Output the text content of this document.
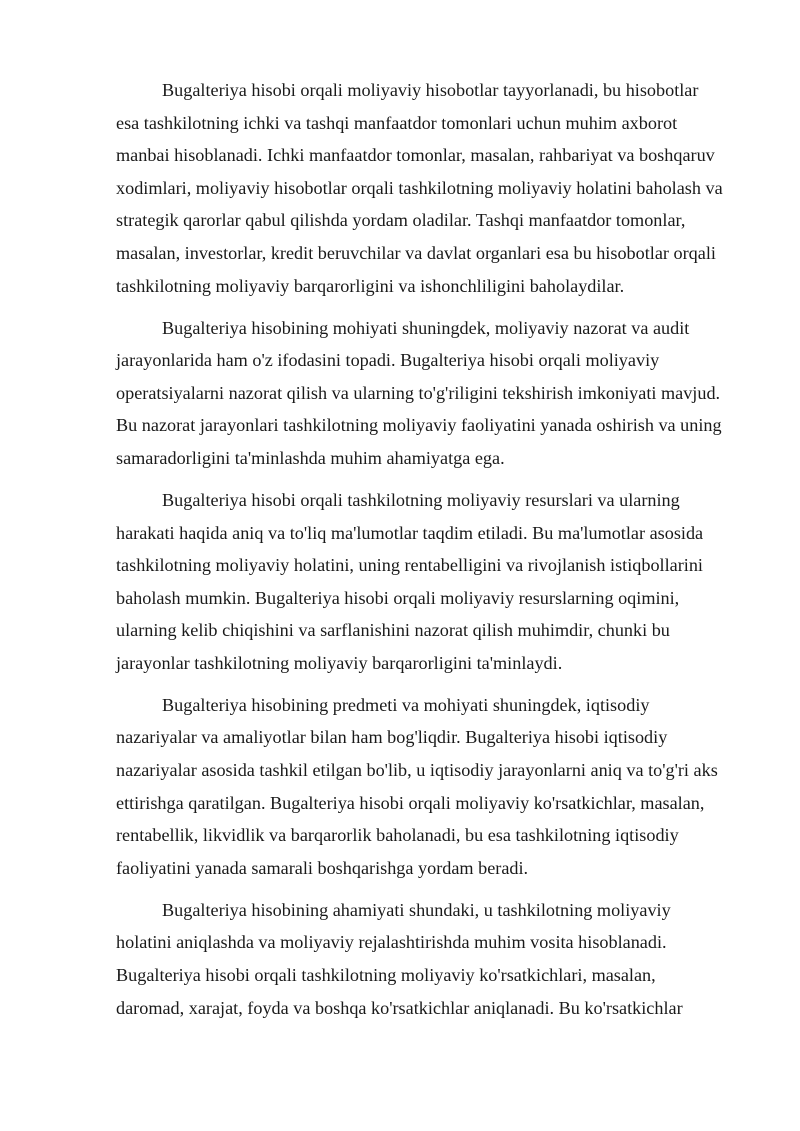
Bugalteriya hisobi orqali moliyaviy hisobotlar tayyorlanadi, bu hisobotlar
esa tashkilotning ichki va tashqi manfaatdor tomonlari uchun muhim axborot
manbai hisoblanadi. Ichki manfaatdor tomonlar, masalan, rahbariyat va boshqaruv
xodimlari, moliyaviy hisobotlar orqali tashkilotning moliyaviy holatini baholash va
strategik qarorlar qabul qilishda yordam oladilar. Tashqi manfaatdor tomonlar,
masalan, investorlar, kredit beruvchilar va davlat organlari esa bu hisobotlar orqali
tashkilotning moliyaviy barqarorligini va ishonchliligini baholaydilar.

Bugalteriya hisobining mohiyati shuningdek, moliyaviy nazorat va audit
jarayonlarida ham o'z ifodasini topadi. Bugalteriya hisobi orqali moliyaviy
operatsiyalarni nazorat qilish va ularning to'g'riligini tekshirish imkoniyati mavjud.
Bu nazorat jarayonlari tashkilotning moliyaviy faoliyatini yanada oshirish va uning
samaradorligini ta'minlashda muhim ahamiyatga ega.

Bugalteriya hisobi orqali tashkilotning moliyaviy resurslari va ularning
harakati haqida aniq va to'liq ma'lumotlar taqdim etiladi. Bu ma'lumotlar asosida
tashkilotning moliyaviy holatini, uning rentabelligini va rivojlanish istiqbollarini
baholash mumkin. Bugalteriya hisobi orqali moliyaviy resurslarning oqimini,
ularning kelib chiqishini va sarflanishini nazorat qilish muhimdir, chunki bu
jarayonlar tashkilotning moliyaviy barqarorligini ta'minlaydi.

Bugalteriya hisobining predmeti va mohiyati shuningdek, iqtisodiy
nazariyalar va amaliyotlar bilan ham bog'liqdir. Bugalteriya hisobi iqtisodiy
nazariyalar asosida tashkil etilgan bo'lib, u iqtisodiy jarayonlarni aniq va to'g'ri aks
ettirishga qaratilgan. Bugalteriya hisobi orqali moliyaviy ko'rsatkichlar, masalan,
rentabellik, likvidlik va barqarorlik baholanadi, bu esa tashkilotning iqtisodiy
faoliyatini yanada samarali boshqarishga yordam beradi.

Bugalteriya hisobining ahamiyati shundaki, u tashkilotning moliyaviy
holatini aniqlashda va moliyaviy rejalashtirishda muhim vosita hisoblanadi.
Bugalteriya hisobi orqali tashkilotning moliyaviy ko'rsatkichlari, masalan,
daromad, xarajat, foyda va boshqa ko'rsatkichlar aniqlanadi. Bu ko'rsatkichlar
